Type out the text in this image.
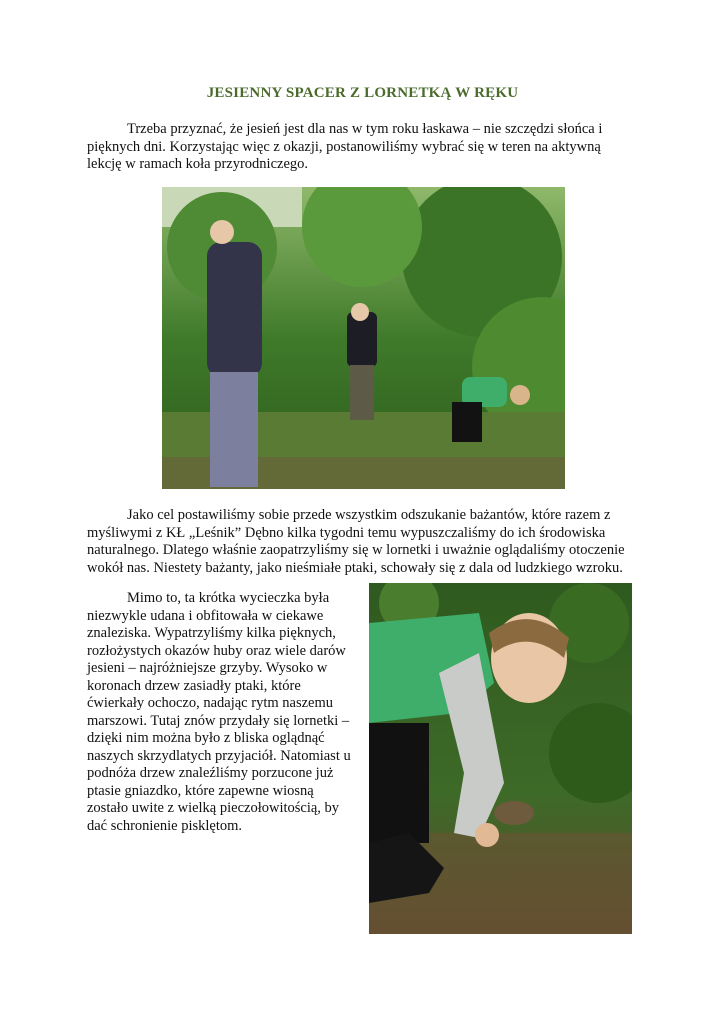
JESIENNY SPACER Z LORNETKĄ W RĘKU

Trzeba przyznać, że jesień jest dla nas w tym roku łaskawa – nie szczędzi słońca i pięknych dni. Korzystając więc z okazji, postanowiliśmy wybrać się w teren na aktywną lekcję w ramach koła przyrodniczego.

Jako cel postawiliśmy sobie przede wszystkim odszukanie bażantów, które razem z myśliwymi z KŁ „Leśnik” Dębno kilka tygodni temu wypuszczaliśmy do ich środowiska naturalnego. Dlatego właśnie zaopatrzyliśmy się w lornetki i uważnie oglądaliśmy otoczenie wokół nas. Niestety bażanty, jako nieśmiałe ptaki, schowały się z dala od ludzkiego wzroku.

Mimo to, ta krótka wycieczka była niezwykle udana i obfitowała w ciekawe znaleziska. Wypatrzyliśmy kilka pięknych, rozłożystych okazów huby oraz wiele darów jesieni – najróżniejsze grzyby. Wysoko w koronach drzew zasiadły ptaki, które ćwierkały ochoczo, nadając rytm naszemu marszowi. Tutaj znów przydały się lornetki – dzięki nim można było z bliska oglądnąć naszych skrzydlatych przyjaciół. Natomiast u podnóża drzew znaleźliśmy porzucone już ptasie gniazdko, które zapewne wiosną zostało uwite z wielką pieczołowitością, by dać schronienie pisklętom.
